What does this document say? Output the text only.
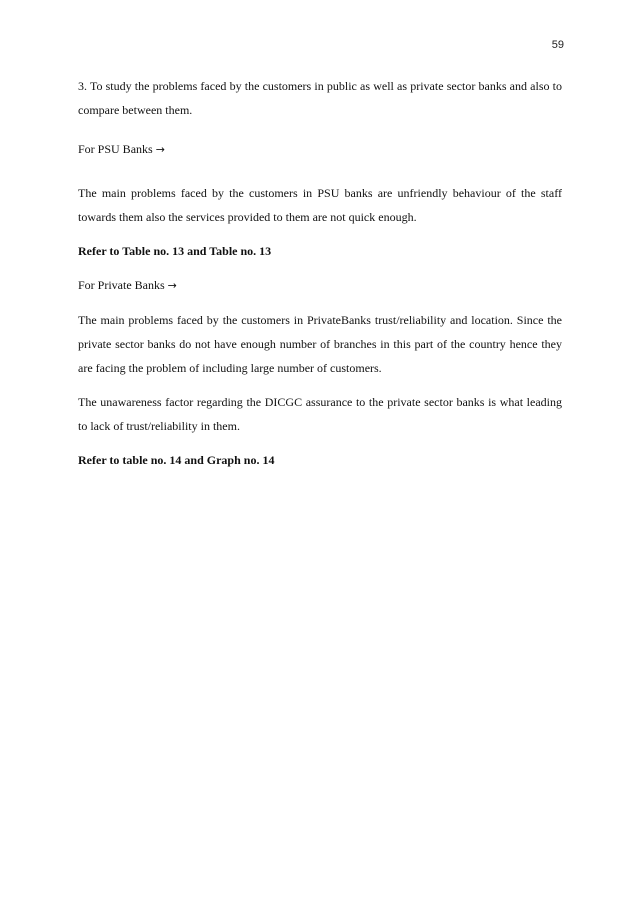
59

3. To study the problems faced by the customers in public as well as private sector banks and also to compare between them.

For PSU Banks →

The main problems faced by the customers in PSU banks are unfriendly behaviour of the staff towards them also the services provided to them are not quick enough.

Refer to Table no. 13 and Table no. 13

For Private Banks →

The main problems faced by the customers in PrivateBanks trust/reliability and location. Since the private sector banks do not have enough number of branches in this part of the country hence they are facing the problem of including large number of customers.

The unawareness factor regarding the DICGC assurance to the private sector banks is what leading to lack of trust/reliability in them.

Refer to table no. 14 and Graph no. 14
